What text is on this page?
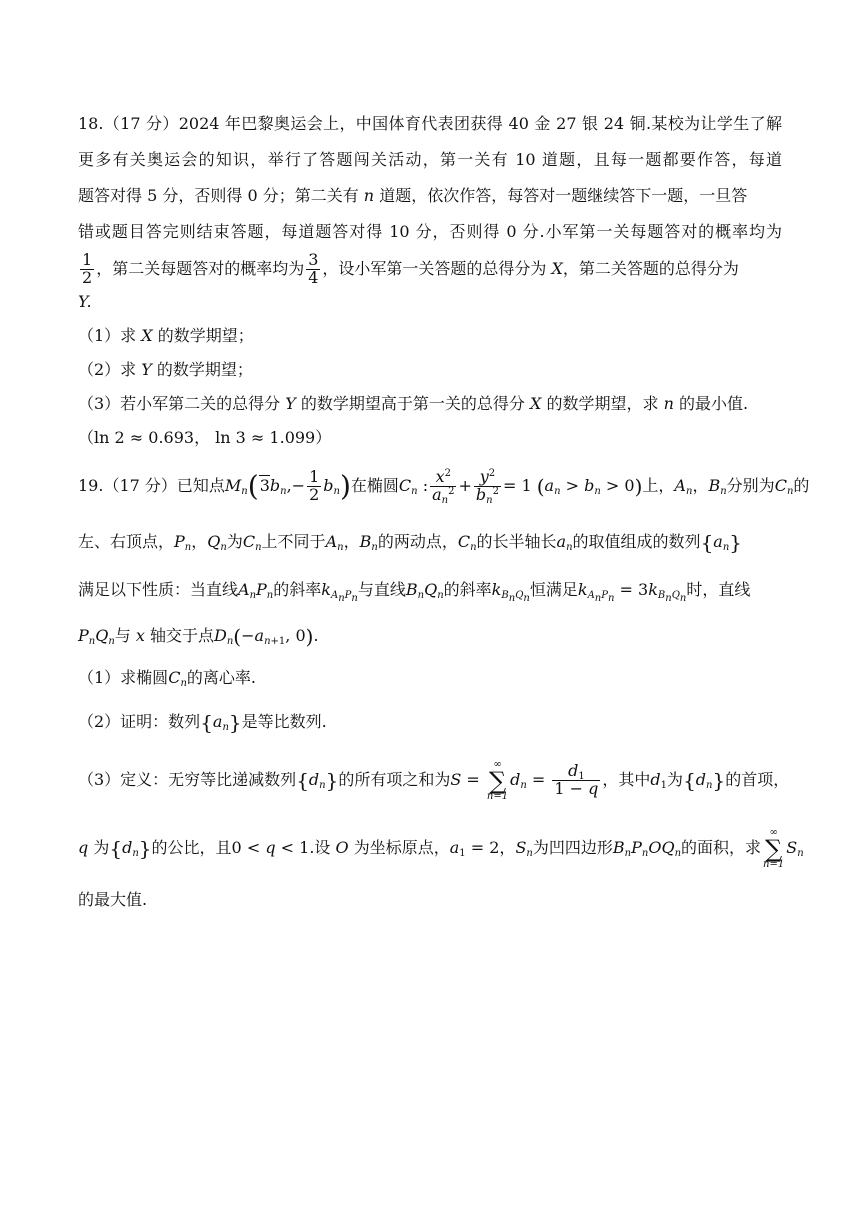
18.（17 分）2024 年巴黎奥运会上，中国体育代表团获得 40 金 27 银 24 铜.某校为让学生了解
更多有关奥运会的知识，举行了答题闯关活动，第一关有 10 道题，且每一题都要作答，每道
题答对得 5 分，否则得 0 分；第二关有 n 道题，依次作答，每答对一题继续答下一题，一旦答
错或题目答完则结束答题，每道题答对得 10 分，否则得 0 分.小军第一关每题答对的概率均为
$\frac{1}{2}$ ，第二关每题答对的概率均为 $\frac{3}{4}$ ，设小军第一关答题的总得分为 X，第二关答题的总得分为
Y.
（1）求 X 的数学期望；
（2）求 Y 的数学期望；
（3）若小军第二关的总得分 Y 的数学期望高于第一关的总得分 X 的数学期望，求 n 的最小值.
（ln 2 ≈ 0.693， ln 3 ≈ 1.099）
19.（17 分）已知点$M_n(3b_n,- \frac{1}{2} b_n)$在椭圆$C_n$ : $\frac{x^2}{a_n^2} + \frac{y^2}{b_n^2} = 1$ $(a_n > b_n > 0)$上，$A_n$，$B_n$分别为$C_n$的
左、右顶点，$P_n$，$Q_n$为$C_n$上不同于$A_n$，$B_n$的两动点，$C_n$的长半轴长$a_n$的取值组成的数列$\{a_n\}$
满足以下性质：当直线$A_nP_n$的斜率$k_{A_nP_n}$与直线$B_nQ_n$的斜率$k_{B_nQ_n}$恒满足$k_{A_nP_n} = 3k_{B_nQ_n}$时，直线
$P_nQ_n$与 x 轴交于点$D_n(-a_{n+1}$, 0).
（1）求椭圆$C_n$的离心率.
（2）证明：数列$\{a_n\}$是等比数列.
（3）定义：无穷等比递减数列$\{d_n\}$的所有项之和为S =
∞
∑
n=1
$d_n = \frac{d_1}{1 - q}$ ，其中$d_1$为$\{d_n\}$的首项，
q 为$\{d_n\}$的公比，且0 < q < 1.设 O 为坐标原点，$a_1 = 2$，$S_n$为凹四边形$B_nP_nOQ_n$的面积，求
∞
∑
n=1
$S_n$
的最大值.
